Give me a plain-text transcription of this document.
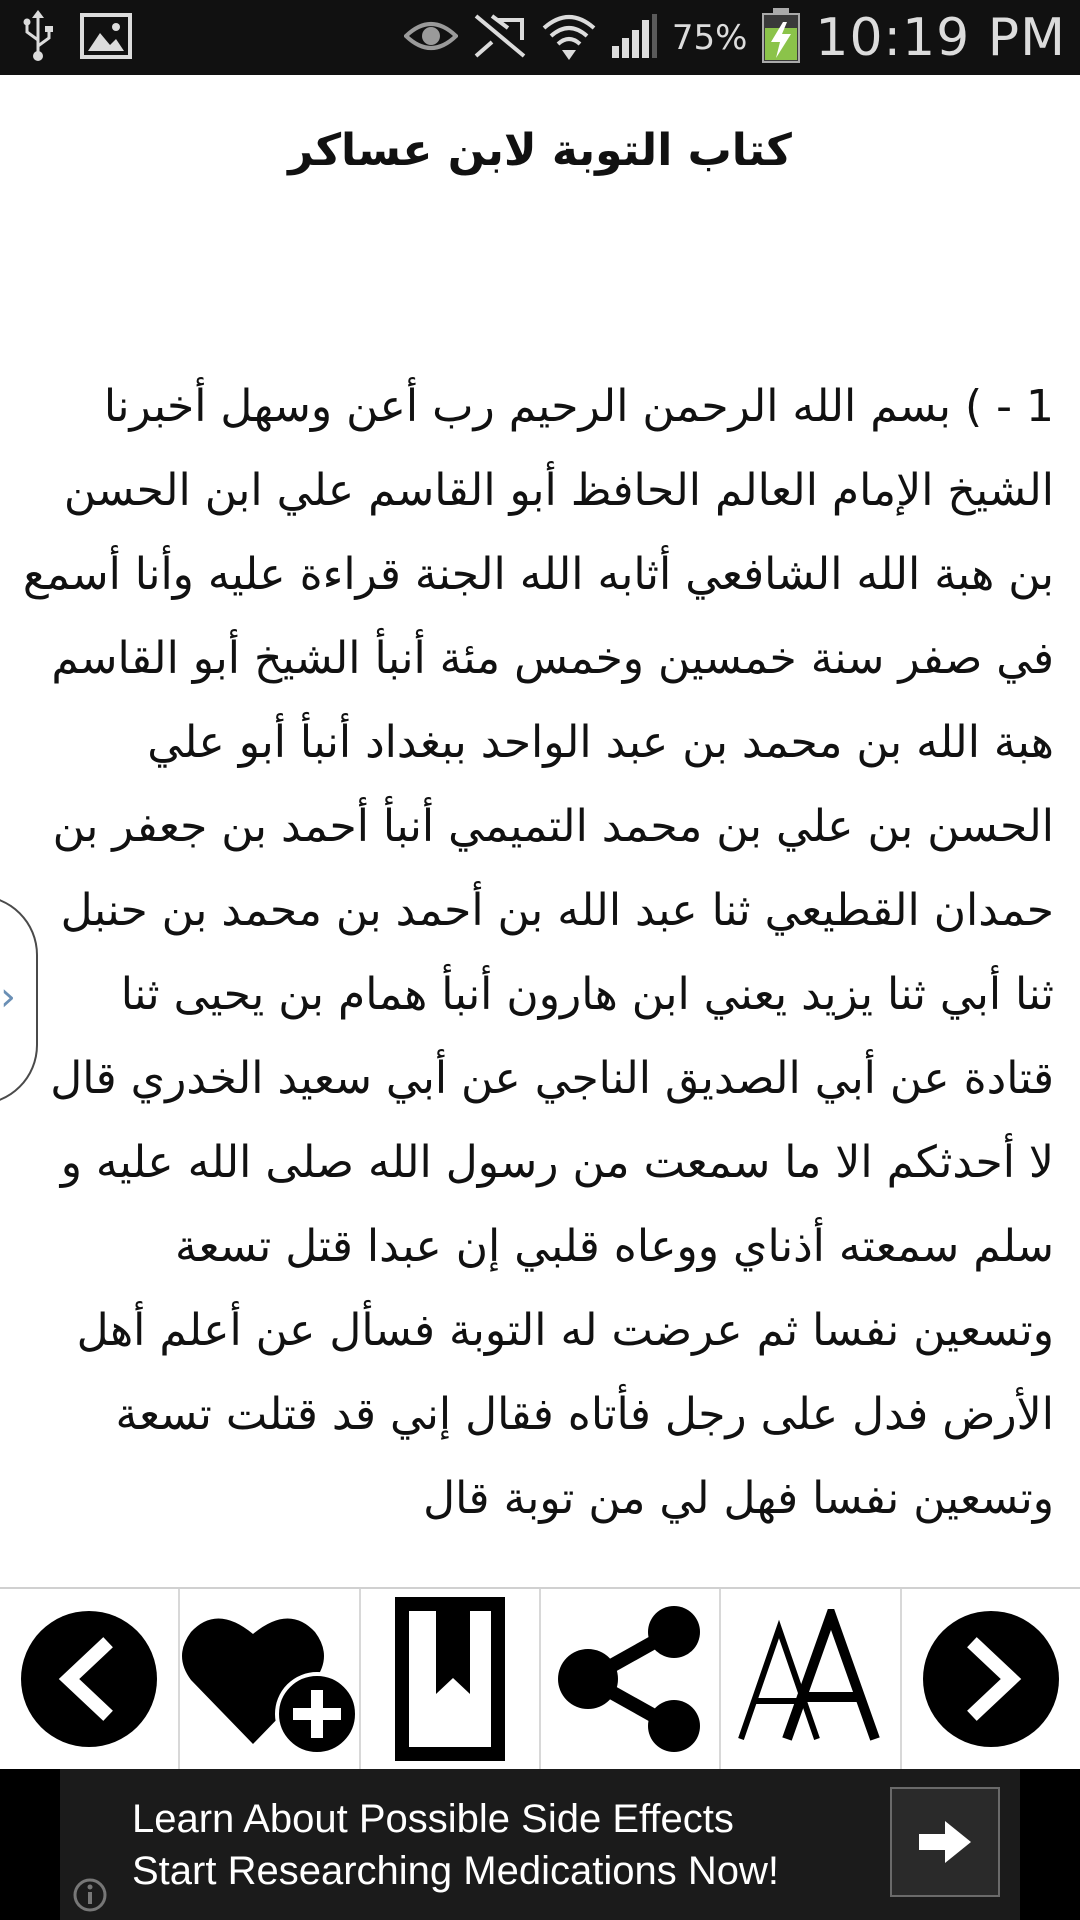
75% 10:19 PM
كتاب التوبة لابن عساكر

1 - ) بسم الله الرحمن الرحيم رب أعن وسهل أخبرنا الشيخ الإمام العالم الحافظ أبو القاسم علي ابن الحسن بن هبة الله الشافعي أثابه الله الجنة قراءة عليه وأنا أسمع في صفر سنة خمسين وخمس مئة أنبأ الشيخ أبو القاسم هبة الله بن محمد بن عبد الواحد ببغداد أنبأ أبو علي الحسن بن علي بن محمد التميمي أنبأ أحمد بن جعفر بن حمدان القطيعي ثنا عبد الله بن أحمد بن محمد بن حنبل ثنا أبي ثنا يزيد يعني ابن هارون أنبأ همام بن يحيى ثنا قتادة عن أبي الصديق الناجي عن أبي سعيد الخدري قال لا أحدثكم الا ما سمعت من رسول الله صلى الله عليه و سلم سمعته أذناي ووعاه قلبي إن عبدا قتل تسعة وتسعين نفسا ثم عرضت له التوبة فسأل عن أعلم أهل الأرض فدل على رجل فأتاه فقال إني قد قتلت تسعة وتسعين نفسا فهل لي من توبة قال

›
Learn About Possible Side Effects
Start Researching Medications Now!
